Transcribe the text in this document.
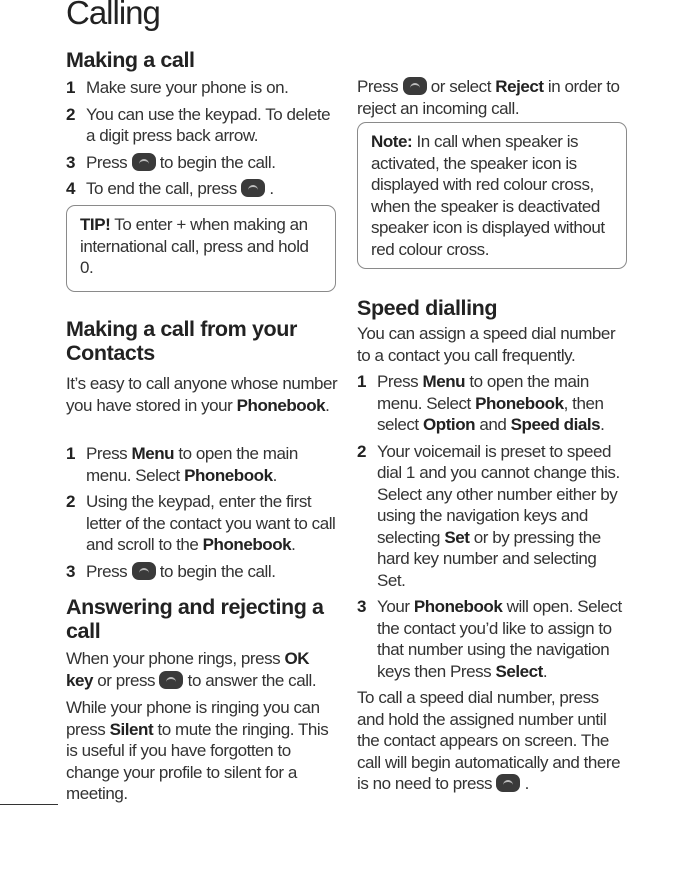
Calling
Making a call
1 Make sure your phone is on.
2 You can use the keypad. To delete a digit press back arrow.
3 Press to begin the call.
4 To end the call, press .

TIP! To enter + when making an international call, press and hold 0.

Making a call from your Contacts

It’s easy to call anyone whose number you have stored in your Phonebook.

1 Press Menu to open the main menu. Select Phonebook.
2 Using the keypad, enter the first letter of the contact you want to call and scroll to the Phonebook.
3 Press to begin the call.
Answering and rejecting a call

When your phone rings, press OK key or press to answer the call.

While your phone is ringing you can press Silent to mute the ringing. This is useful if you have forgotten to change your profile to silent for a meeting.

Press or select Reject in order to reject an incoming call.

Note: In call when speaker is activated, the speaker icon is displayed with red colour cross, when the speaker is deactivated speaker icon is displayed without red colour cross.

Speed dialling

You can assign a speed dial number to a contact you call frequently.

1 Press Menu to open the main menu. Select Phonebook, then select Option and Speed dials.
2 Your voicemail is preset to speed dial 1 and you cannot change this. Select any other number either by using the navigation keys and selecting Set or by pressing the hard key number and selecting Set.
3 Your Phonebook will open. Select the contact you’d like to assign to that number using the navigation keys then Press Select.

To call a speed dial number, press and hold the assigned number until the contact appears on screen. The call will begin automatically and there is no need to press .
